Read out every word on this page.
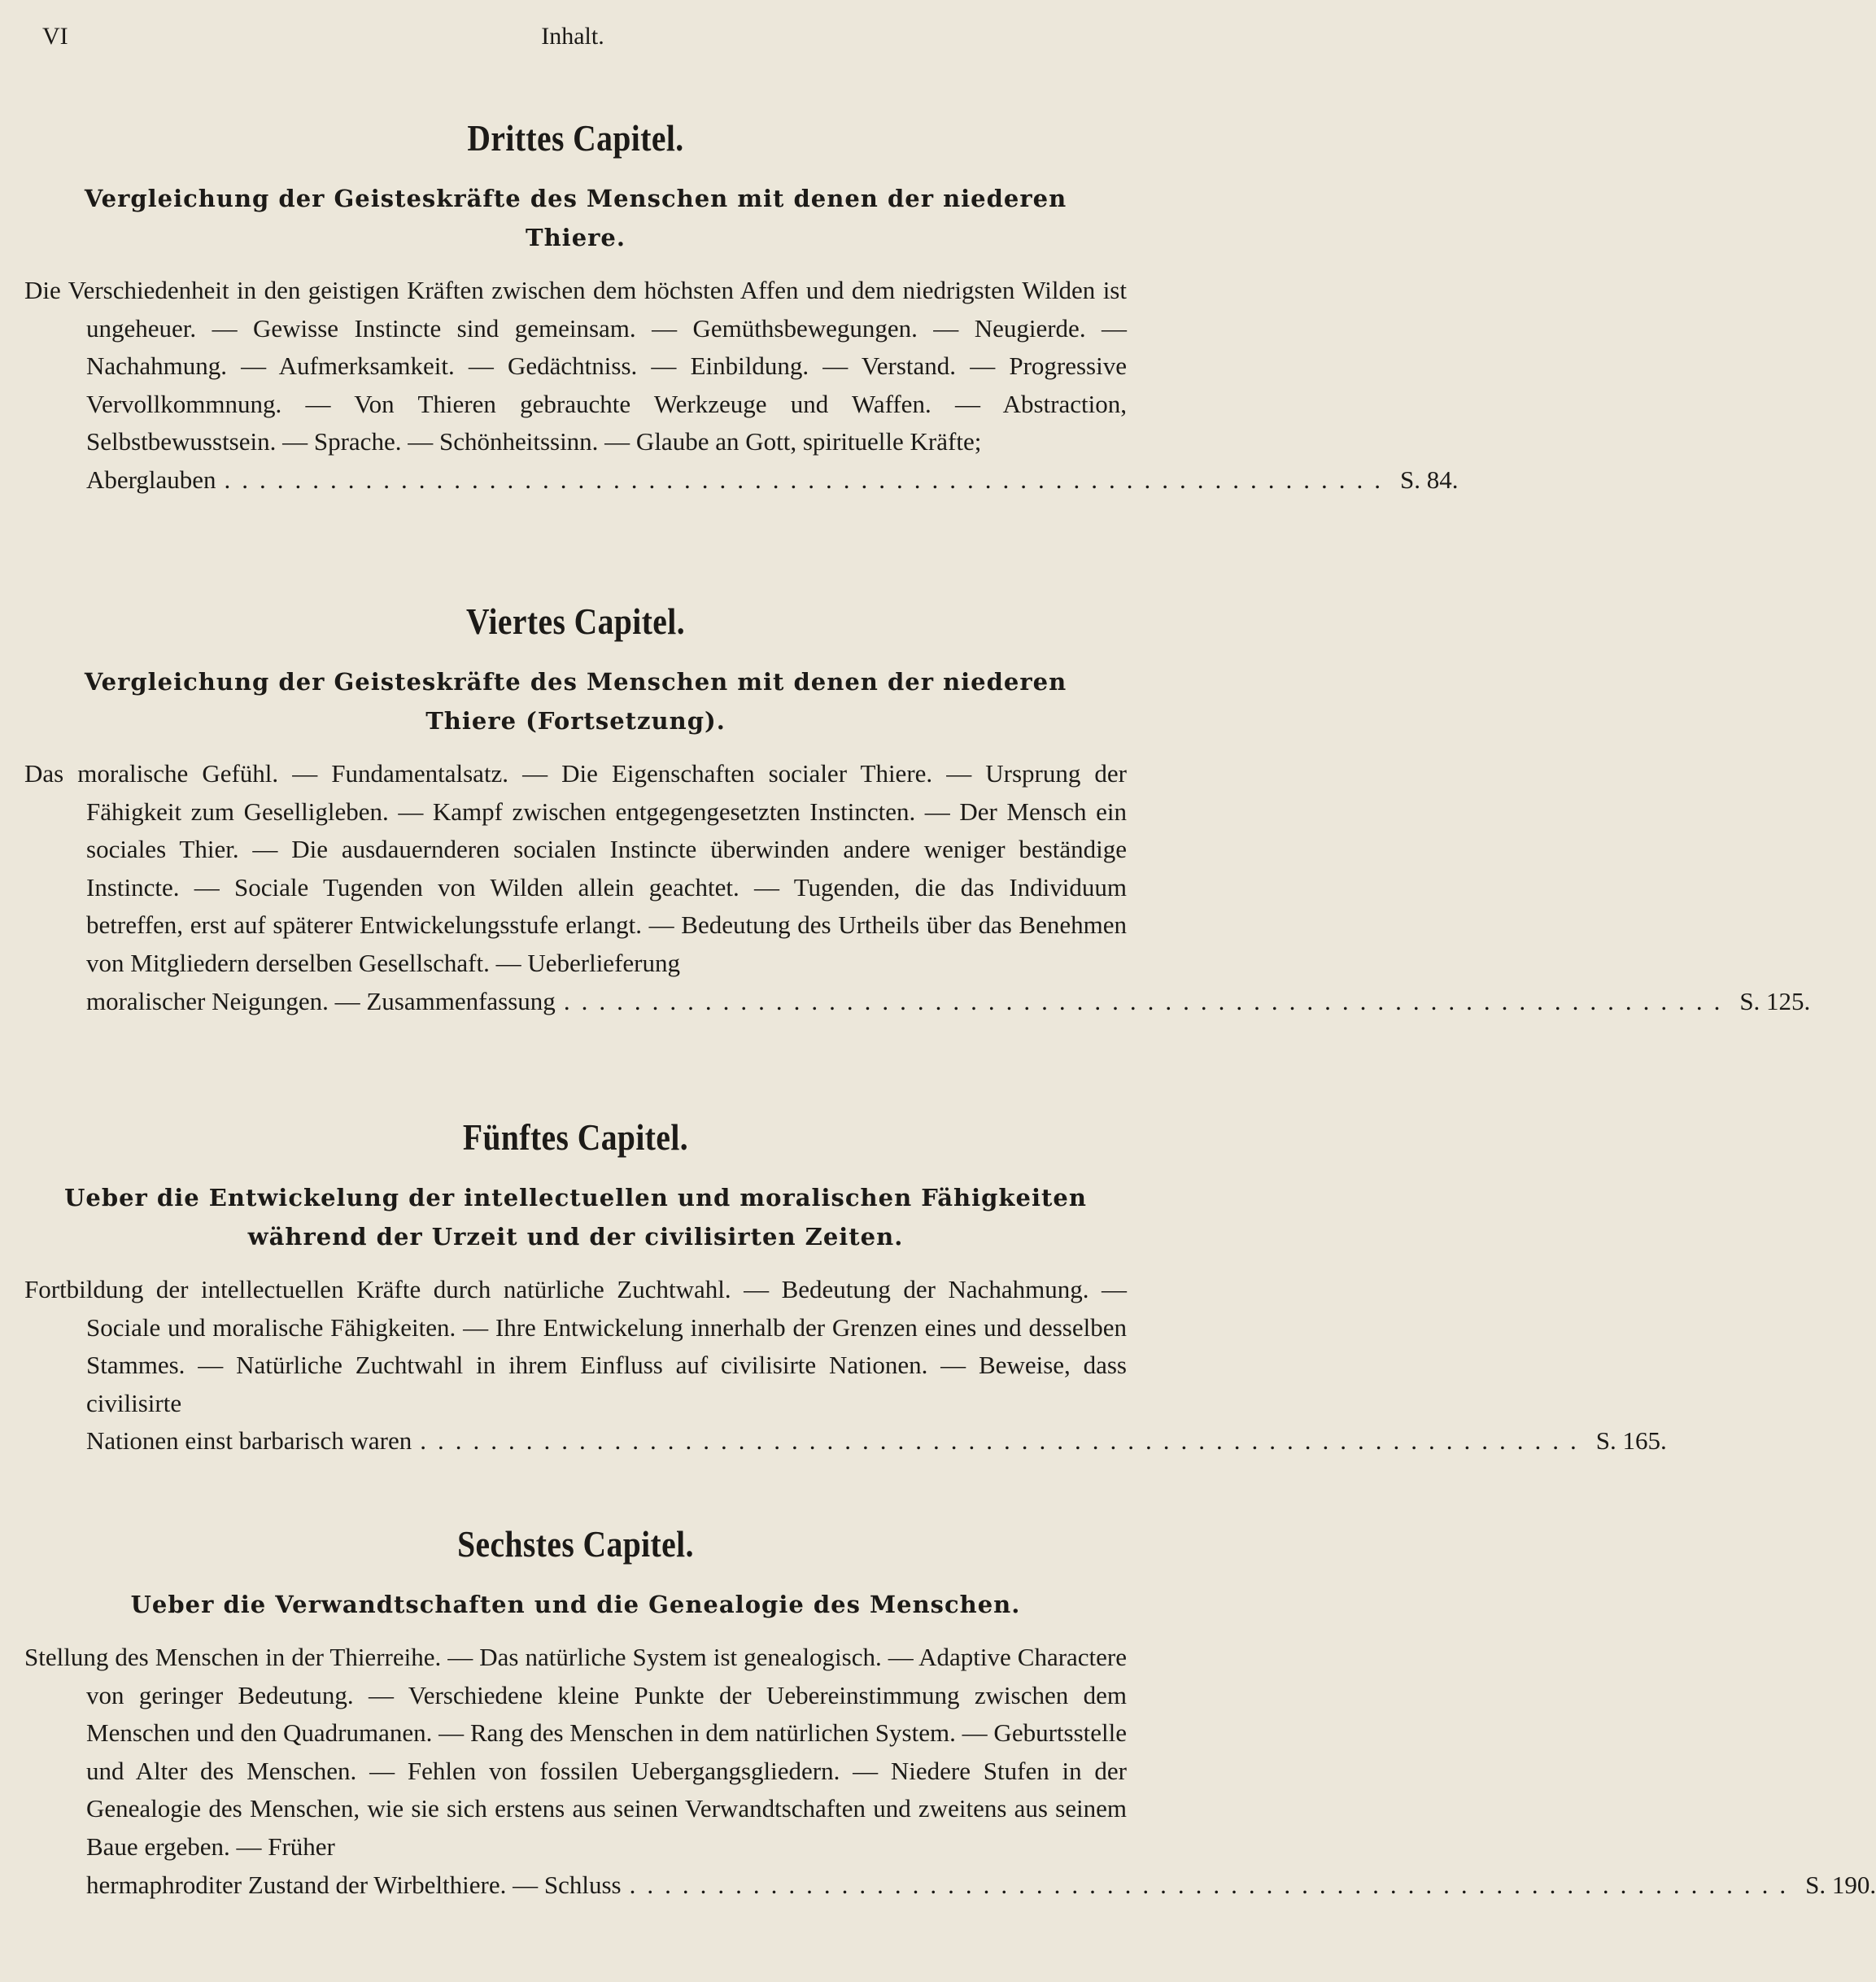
VI	Inhalt.
Drittes Capitel.

Vergleichung der Geisteskräfte des Menschen mit denen der niederen Thiere.

Die Verschiedenheit in den geistigen Kräften zwischen dem höchsten Affen und dem niedrigsten Wilden ist ungeheuer. — Gewisse Instincte sind gemeinsam. — Gemüthsbewegungen. — Neugierde. — Nachahmung. — Aufmerksamkeit. — Gedächtniss. — Einbildung. — Verstand. — Progressive Vervollkommnung. — Von Thieren gebrauchte Werkzeuge und Waffen. — Abstraction, Selbstbewusstsein. — Sprache. — Schönheitssinn. — Glaube an Gott, spirituelle Kräfte;
Aberglauben .................................................................. S. 84.
Viertes Capitel.

Vergleichung der Geisteskräfte des Menschen mit denen der niederen Thiere (Fortsetzung).

Das moralische Gefühl. — Fundamentalsatz. — Die Eigenschaften socialer Thiere. — Ursprung der Fähigkeit zum Geselligleben. — Kampf zwischen entgegengesetzten Instincten. — Der Mensch ein sociales Thier. — Die ausdauernderen socialen Instincte überwinden andere weniger beständige Instincte. — Sociale Tugenden von Wilden allein geachtet. — Tugenden, die das Individuum betreffen, erst auf späterer Entwickelungsstufe erlangt. — Bedeutung des Urtheils über das Benehmen von Mitgliedern derselben Gesellschaft. — Ueberlieferung
moralischer Neigungen. — Zusammenfassung .................................................................. S. 125.
Fünftes Capitel.

Ueber die Entwickelung der intellectuellen und moralischen Fähigkeiten während der Urzeit und der civilisirten Zeiten.

Fortbildung der intellectuellen Kräfte durch natürliche Zuchtwahl. — Bedeutung der Nachahmung. — Sociale und moralische Fähigkeiten. — Ihre Entwickelung innerhalb der Grenzen eines und desselben Stammes. — Natürliche Zuchtwahl in ihrem Einfluss auf civilisirte Nationen. — Beweise, dass civilisirte
Nationen einst barbarisch waren .................................................................. S. 165.
Sechstes Capitel.

Ueber die Verwandtschaften und die Genealogie des Menschen.

Stellung des Menschen in der Thierreihe. — Das natürliche System ist genealogisch. — Adaptive Charactere von geringer Bedeutung. — Verschiedene kleine Punkte der Uebereinstimmung zwischen dem Menschen und den Quadrumanen. — Rang des Menschen in dem natürlichen System. — Geburtsstelle und Alter des Menschen. — Fehlen von fossilen Uebergangsgliedern. — Niedere Stufen in der Genealogie des Menschen, wie sie sich erstens aus seinen Verwandtschaften und zweitens aus seinem Baue ergeben. — Früher
hermaphroditer Zustand der Wirbelthiere. — Schluss .................................................................. S. 190.
